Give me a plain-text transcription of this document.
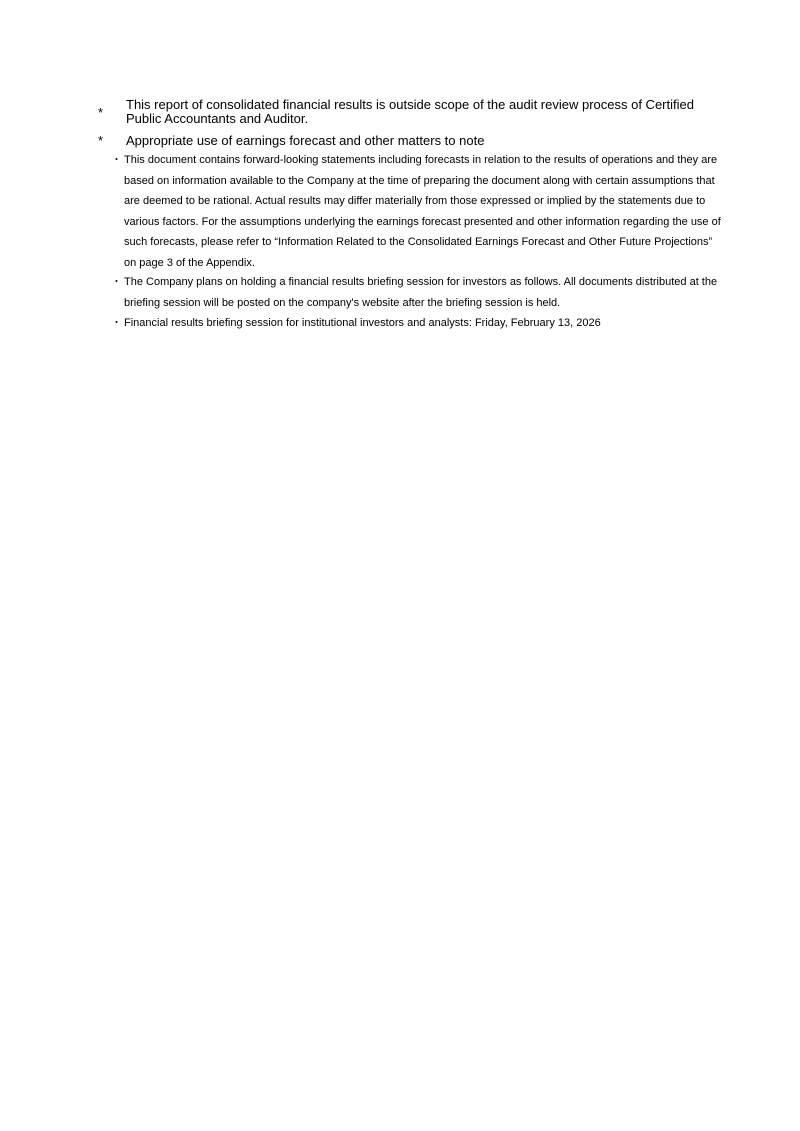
*
This report of consolidated financial results is outside scope of the audit review process of Certified Public Accountants and Auditor.
* Appropriate use of earnings forecast and other matters to note
・ This document contains forward-looking statements including forecasts in relation to the results of operations and they are based on information available to the Company at the time of preparing the document along with certain assumptions that are deemed to be rational. Actual results may differ materially from those expressed or implied by the statements due to various factors. For the assumptions underlying the earnings forecast presented and other information regarding the use of such forecasts, please refer to “Information Related to the Consolidated Earnings Forecast and Other Future Projections” on page 3 of the Appendix.
・ The Company plans on holding a financial results briefing session for investors as follows. All documents distributed at the briefing session will be posted on the company's website after the briefing session is held.
・ Financial results briefing session for institutional investors and analysts: Friday, February 13, 2026
